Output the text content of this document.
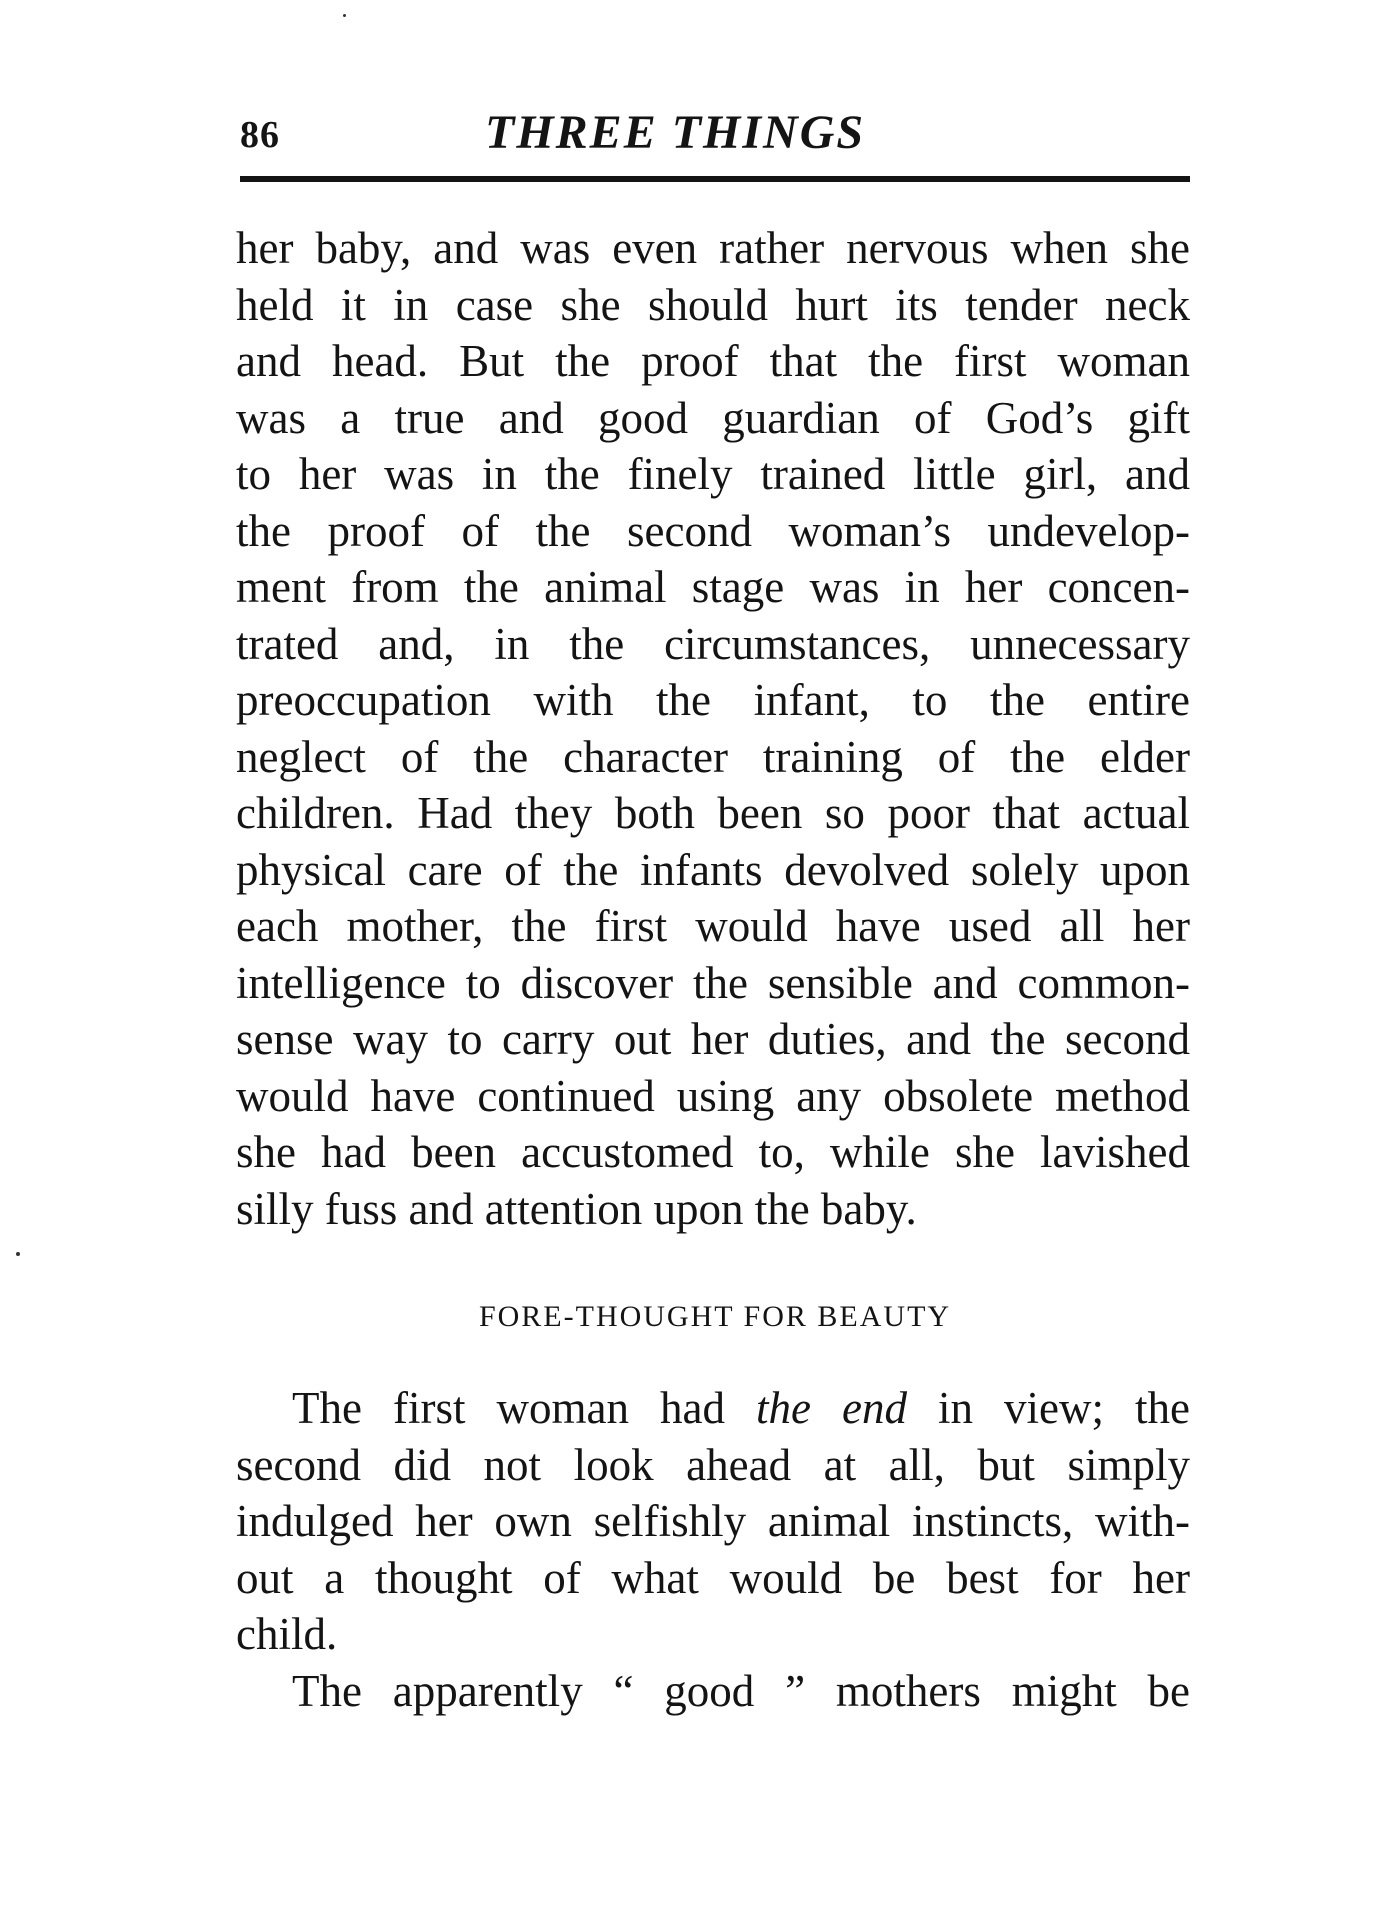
86	THREE THINGS
her baby, and was even rather nervous when she
held it in case she should hurt its tender neck
and head. But the proof that the first woman
was a true and good guardian of God’s gift
to her was in the finely trained little girl, and
the proof of the second woman’s undevelop-
ment from the animal stage was in her concen-
trated and, in the circumstances, unnecessary
preoccupation with the infant, to the entire
neglect of the character training of the elder
children. Had they both been so poor that actual
physical care of the infants devolved solely upon
each mother, the first would have used all her
intelligence to discover the sensible and common-
sense way to carry out her duties, and the second
would have continued using any obsolete method
she had been accustomed to, while she lavished
silly fuss and attention upon the baby.
FORE-THOUGHT FOR BEAUTY
The first woman had the end in view; the
second did not look ahead at all, but simply
indulged her own selfishly animal instincts, with-
out a thought of what would be best for her
child.
The apparently “ good ” mothers might be
